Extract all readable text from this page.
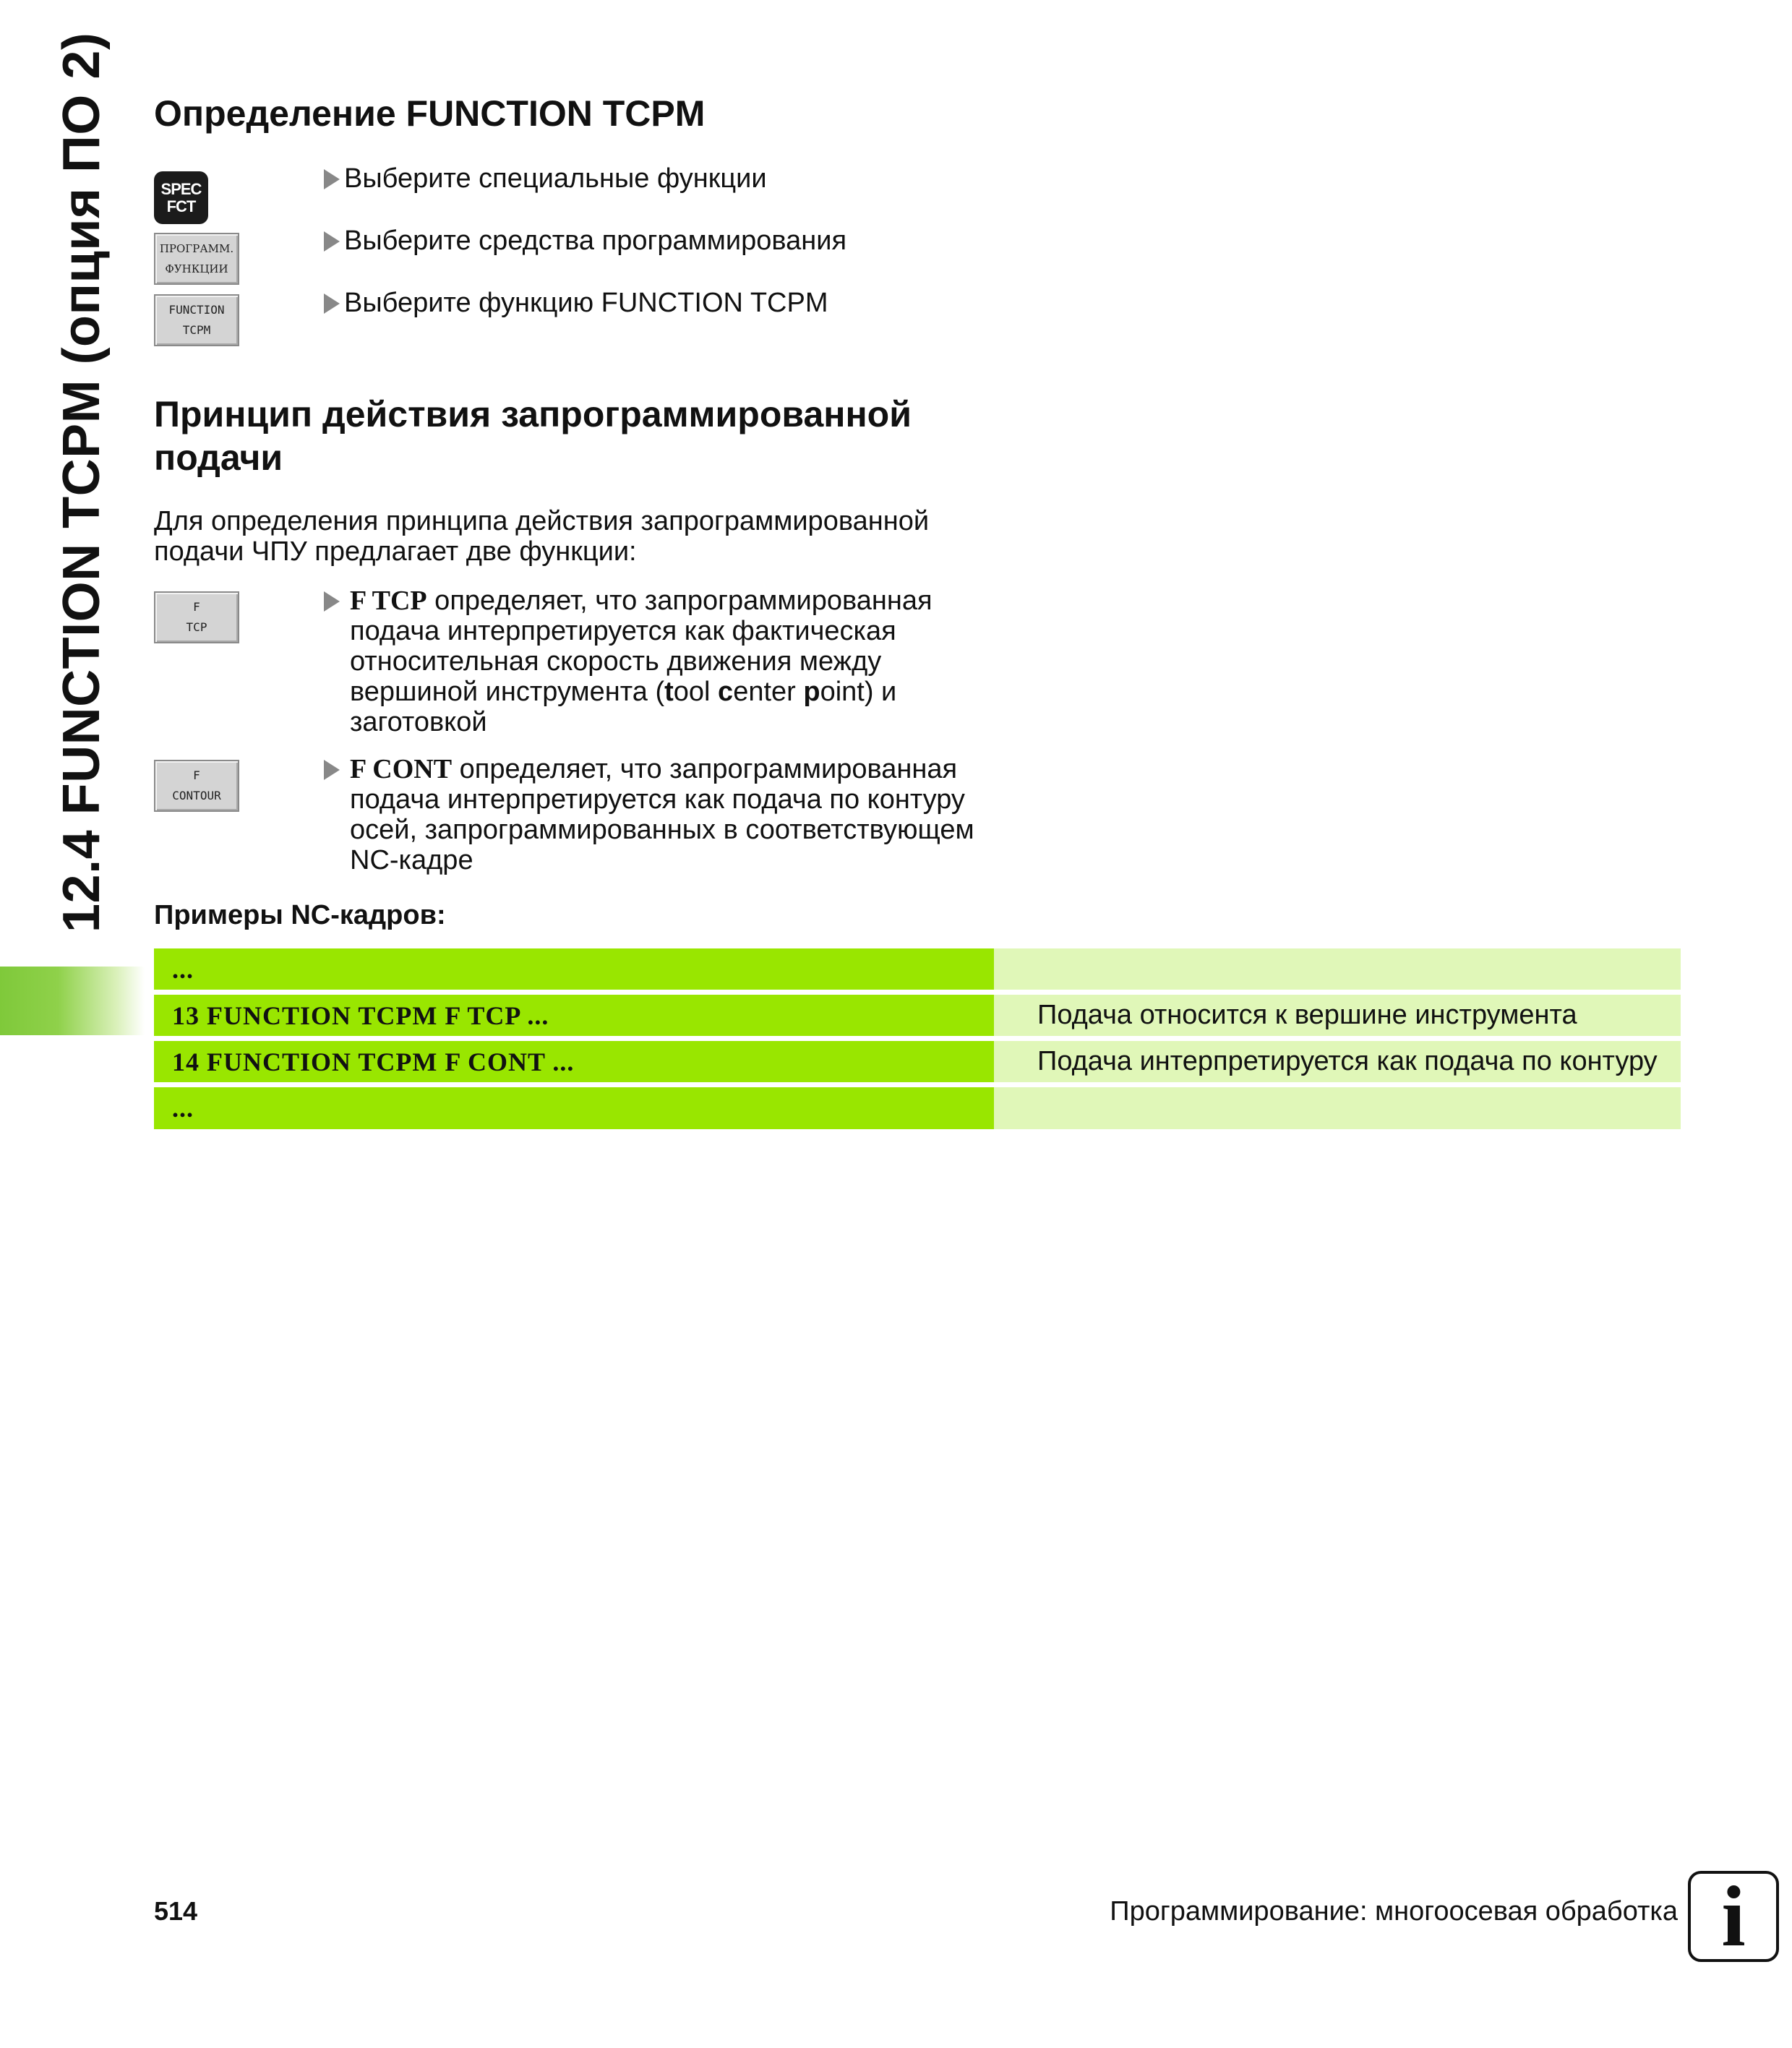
12.4 FUNCTION TCPM (опция ПО 2) Определение FUNCTION TCPM
SPEC
FCT
ПРОГРАММ.
ФУНКЦИИ
FUNCTION
TCPM
Выберите специальные функции
Выберите средства программирования
Выберите функцию FUNCTION TCPM
Принцип действия запрограммированной подачи
Для определения принципа действия запрограммированной подачи ЧПУ предлагает две функции:
F
TCP
F TCP определяет, что запрограммированная подача интерпретируется как фактическая относительная скорость движения между вершиной инструмента (tool center point) и заготовкой
F
CONTOUR
F CONT определяет, что запрограммированная подача интерпретируется как подача по контуру осей, запрограммированных в соответствующем NC-кадре
Примеры NC-кадров:
...
13 FUNCTION TCPM F TCP ...	Подача относится к вершине инструмента
14 FUNCTION TCPM F CONT ...	Подача интерпретируется как подача по контуру
...
514	Программирование: многоосевая обработка i
